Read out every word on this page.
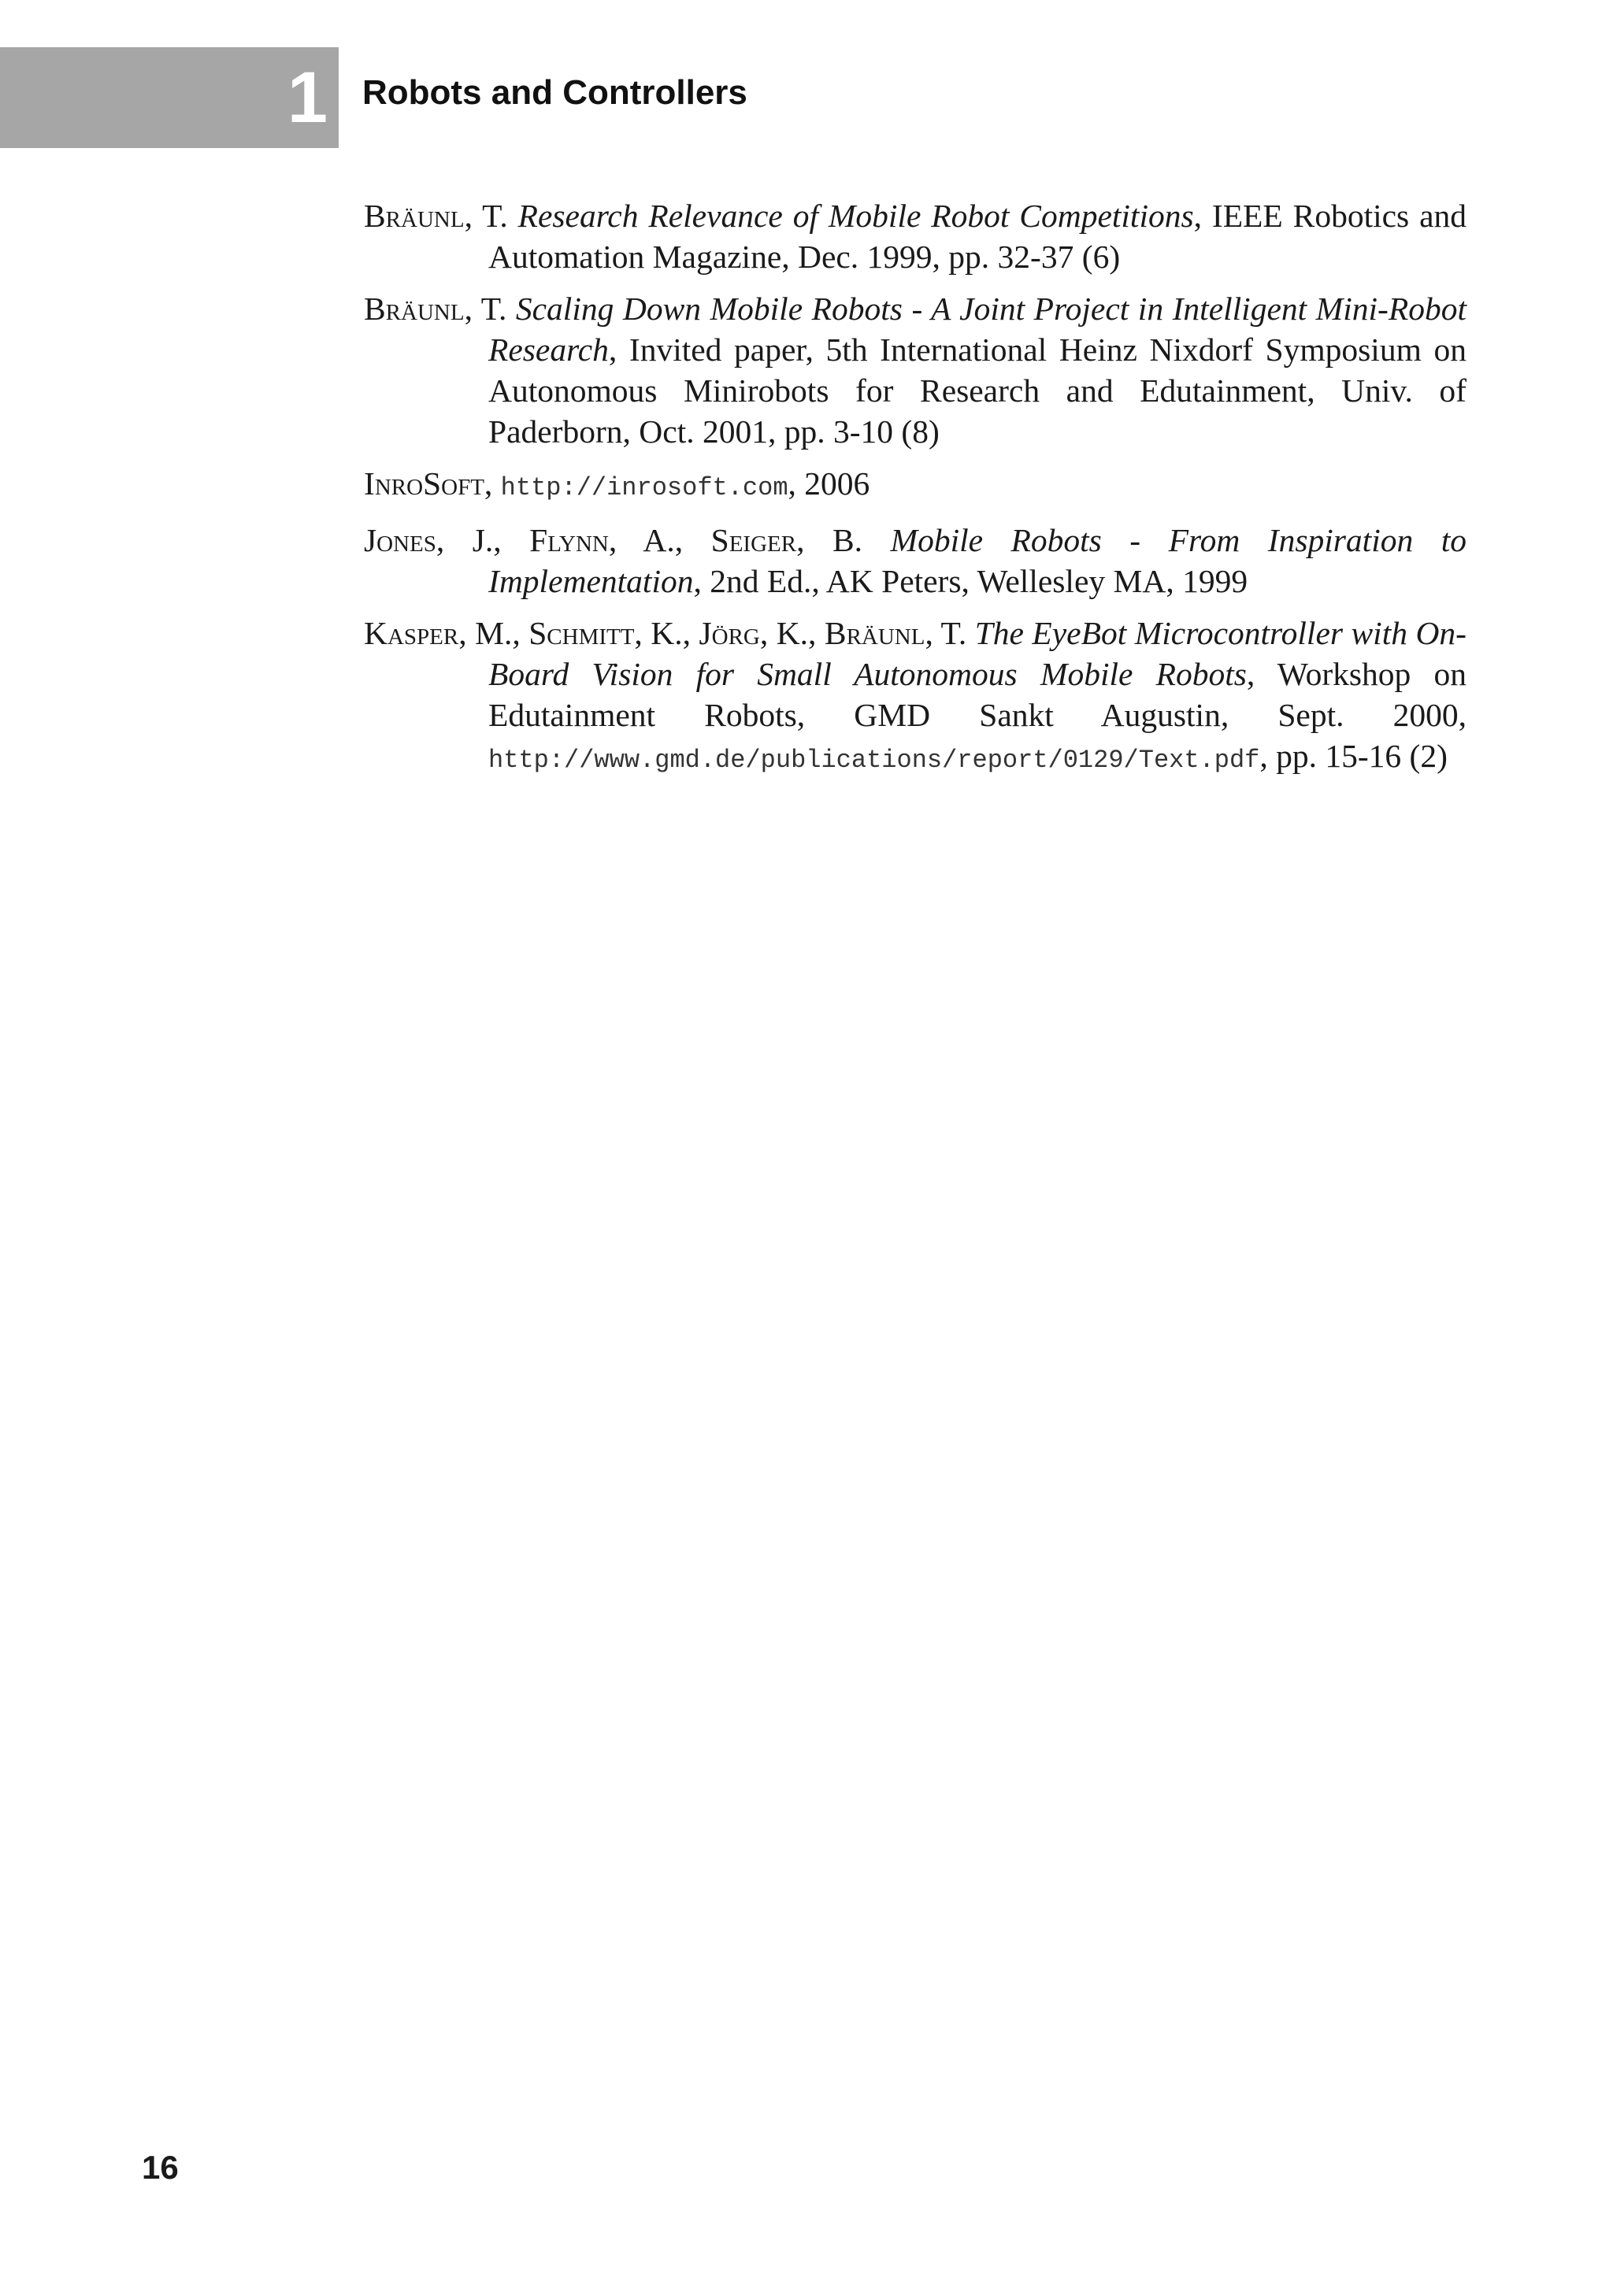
1 Robots and Controllers
Bräunl, T. Research Relevance of Mobile Robot Competitions, IEEE Robotics and Automation Magazine, Dec. 1999, pp. 32-37 (6)
Bräunl, T. Scaling Down Mobile Robots - A Joint Project in Intelligent Mini-Robot Research, Invited paper, 5th International Heinz Nixdorf Symposium on Autonomous Minirobots for Research and Edutainment, Univ. of Paderborn, Oct. 2001, pp. 3-10 (8)
InroSoft, http://inrosoft.com, 2006
Jones, J., Flynn, A., Seiger, B. Mobile Robots - From Inspiration to Implementation, 2nd Ed., AK Peters, Wellesley MA, 1999
Kasper, M., Schmitt, K., Jörg, K., Bräunl, T. The EyeBot Microcontroller with On-Board Vision for Small Autonomous Mobile Robots, Workshop on Edutainment Robots, GMD Sankt Augustin, Sept. 2000, http://www.gmd.de/publications/report/0129/Text.pdf, pp. 15-16 (2)
16
